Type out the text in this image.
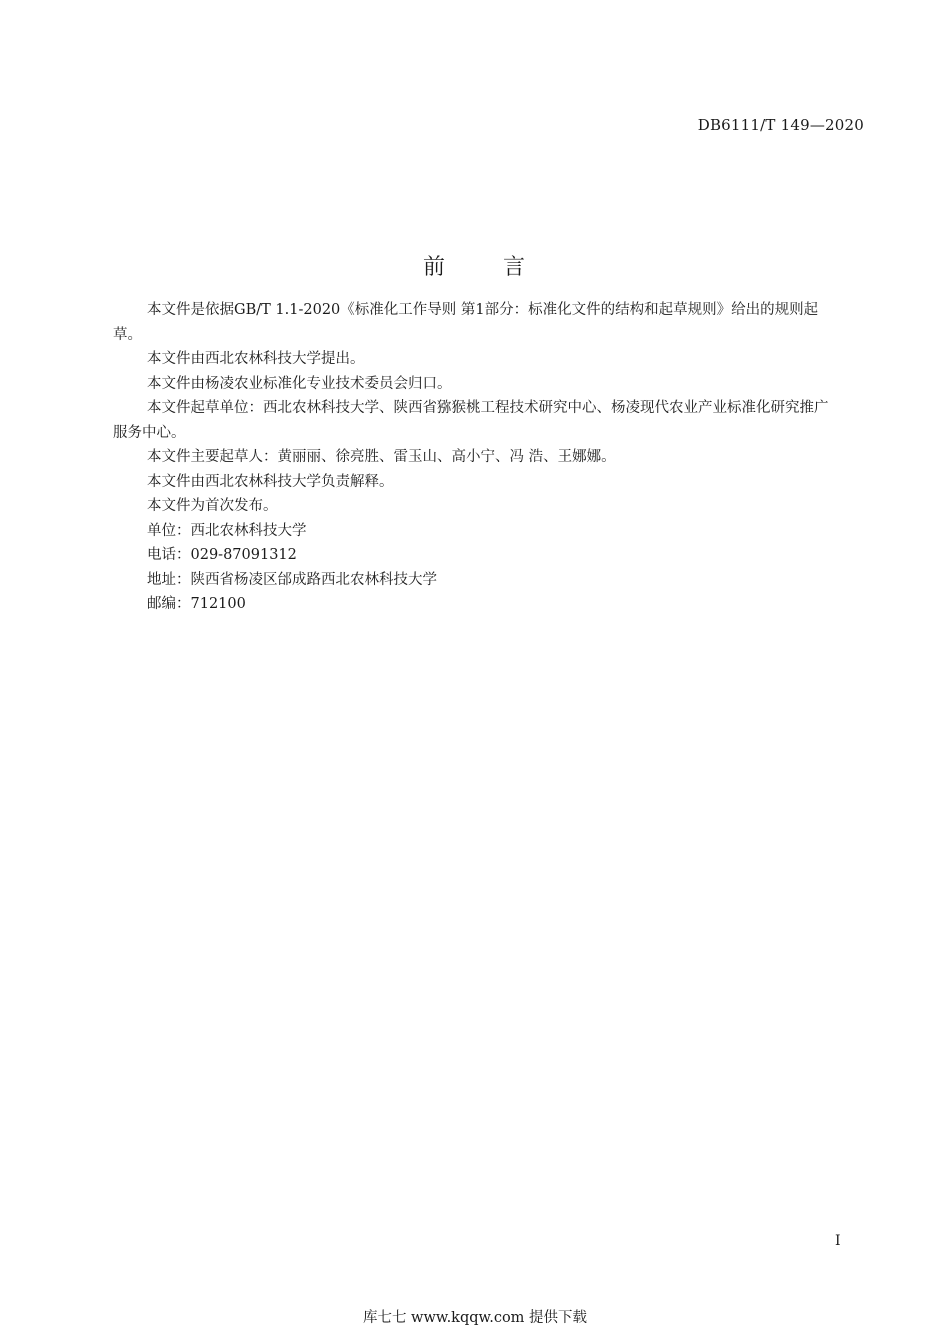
DB6111/T 149—2020
前	言

本文件是依据GB/T 1.1-2020《标准化工作导则 第1部分：标准化文件的结构和起草规则》给出的规则起草。

本文件由西北农林科技大学提出。

本文件由杨凌农业标准化专业技术委员会归口。

本文件起草单位：西北农林科技大学、陕西省猕猴桃工程技术研究中心、杨凌现代农业产业标准化研究推广服务中心。

本文件主要起草人：黄丽丽、徐亮胜、雷玉山、高小宁、冯 浩、王娜娜。

本文件由西北农林科技大学负责解释。

本文件为首次发布。

单位：西北农林科技大学

电话：029-87091312

地址：陕西省杨凌区邰成路西北农林科技大学

邮编：712100

I
库七七 www.kqqw.com 提供下载
